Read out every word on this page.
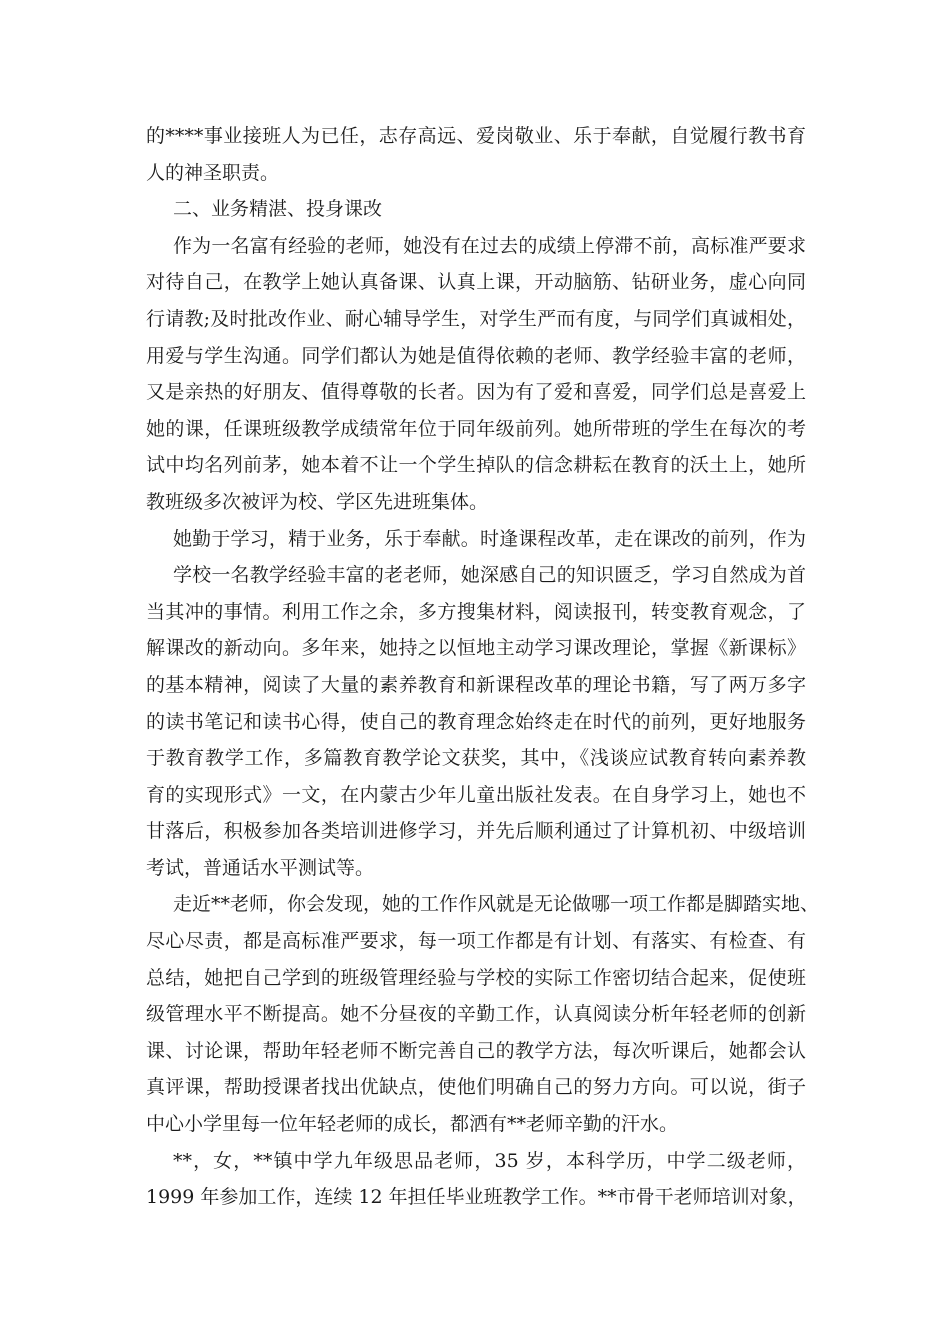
的****事业接班人为已任，志存高远、爱岗敬业、乐于奉献，自觉履行教书育
人的神圣职责。
二、业务精湛、投身课改
作为一名富有经验的老师，她没有在过去的成绩上停滞不前，高标准严要求
对待自己，在教学上她认真备课、认真上课，开动脑筋、钻研业务，虚心向同
行请教;及时批改作业、耐心辅导学生，对学生严而有度，与同学们真诚相处，
用爱与学生沟通。同学们都认为她是值得依赖的老师、教学经验丰富的老师，
又是亲热的好朋友、值得尊敬的长者。因为有了爱和喜爱，同学们总是喜爱上
她的课，任课班级教学成绩常年位于同年级前列。她所带班的学生在每次的考
试中均名列前茅，她本着不让一个学生掉队的信念耕耘在教育的沃土上，她所
教班级多次被评为校、学区先进班集体。
她勤于学习，精于业务，乐于奉献。时逢课程改革，走在课改的前列，作为
学校一名教学经验丰富的老老师，她深感自己的知识匮乏，学习自然成为首
当其冲的事情。利用工作之余，多方搜集材料，阅读报刊，转变教育观念，了
解课改的新动向。多年来，她持之以恒地主动学习课改理论，掌握《新课标》
的基本精神，阅读了大量的素养教育和新课程改革的理论书籍，写了两万多字
的读书笔记和读书心得，使自己的教育理念始终走在时代的前列，更好地服务
于教育教学工作，多篇教育教学论文获奖，其中，《浅谈应试教育转向素养教
育的实现形式》一文，在内蒙古少年儿童出版社发表。在自身学习上，她也不
甘落后，积极参加各类培训进修学习，并先后顺利通过了计算机初、中级培训
考试，普通话水平测试等。
走近**老师，你会发现，她的工作作风就是无论做哪一项工作都是脚踏实地、
尽心尽责，都是高标准严要求，每一项工作都是有计划、有落实、有检查、有
总结，她把自己学到的班级管理经验与学校的实际工作密切结合起来，促使班
级管理水平不断提高。她不分昼夜的辛勤工作，认真阅读分析年轻老师的创新
课、讨论课，帮助年轻老师不断完善自己的教学方法，每次听课后，她都会认
真评课，帮助授课者找出优缺点，使他们明确自己的努力方向。可以说，街子
中心小学里每一位年轻老师的成长，都洒有**老师辛勤的汗水。
**，女，**镇中学九年级思品老师，35 岁，本科学历，中学二级老师，
1999 年参加工作，连续 12 年担任毕业班教学工作。**市骨干老师培训对象，
